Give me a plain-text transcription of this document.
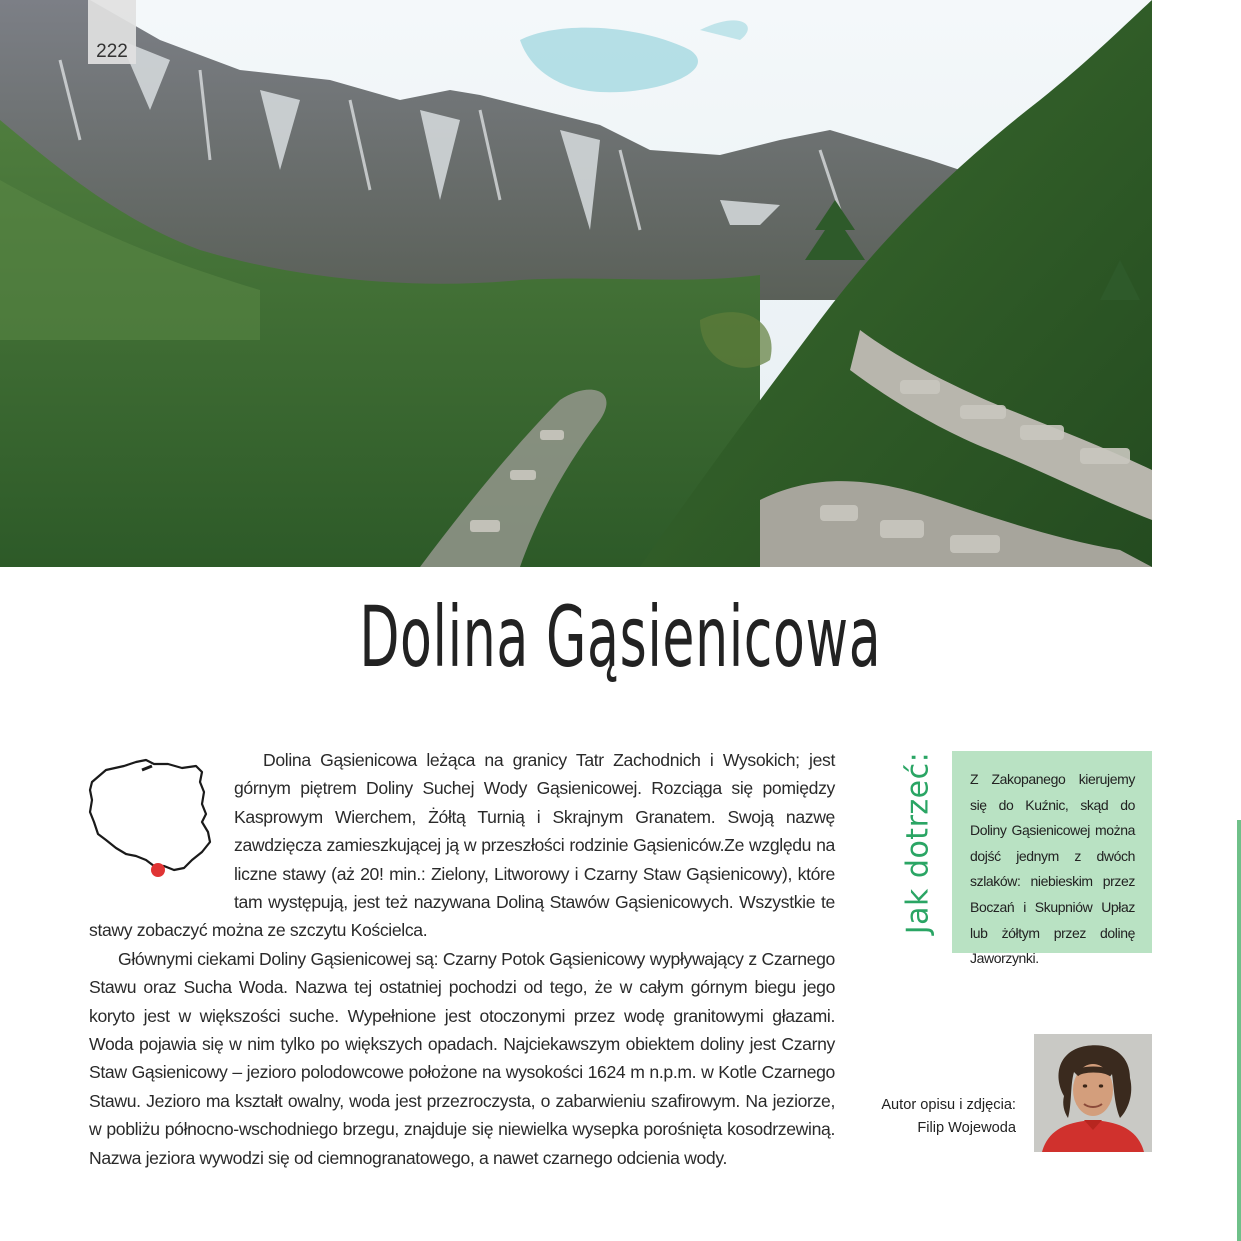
222
Dolina Gąsienicowa

Dolina Gąsienicowa leżąca na granicy Tatr Zachodnich i Wysokich; jest górnym piętrem Doliny Suchej Wody Gąsienicowej. Rozciąga się pomiędzy Kasprowym Wierchem, Żółtą Turnią i Skrajnym Granatem. Swoją nazwę zawdzięcza zamieszkującej ją w przeszłości rodzinie Gąsieniców.Ze względu na liczne stawy (aż 20! min.: Zielony, Litworowy i Czarny Staw Gąsienicowy), które tam występują, jest też nazywana Doliną Stawów Gąsienicowych. Wszystkie te stawy zobaczyć można ze szczytu Kościelca.

Głównymi ciekami Doliny Gąsienicowej są: Czarny Potok Gąsienicowy wypływający z Czarnego Stawu oraz Sucha Woda. Nazwa tej ostatniej pochodzi od tego, że w całym górnym biegu jego koryto jest w większości suche. Wypełnione jest otoczonymi przez wodę granitowymi głazami. Woda pojawia się w nim tylko po większych opadach. Najciekawszym obiektem doliny jest Czarny Staw Gąsienicowy – jezioro polodowcowe położone na wysokości 1624 m n.p.m. w Kotle Czarnego Stawu. Jezioro ma kształt owalny, woda jest przezroczysta, o zabarwieniu szafirowym. Na jeziorze, w pobliżu północno-wschodniego brzegu, znajduje się niewielka wysepka porośnięta kosodrzewiną. Nazwa jeziora wywodzi się od ciemnogranatowego, a nawet czarnego odcienia wody.

Jak dotrzeć:	Z Zakopanego kierujemy się do Kuźnic, skąd do Doliny Gąsienicowej można dojść jednym z dwóch szlaków: niebieskim przez Boczań i Skupniów Upłaz lub żółtym przez dolinę Jaworzynki.
Autor opisu i zdjęcia:
Filip Wojewoda
